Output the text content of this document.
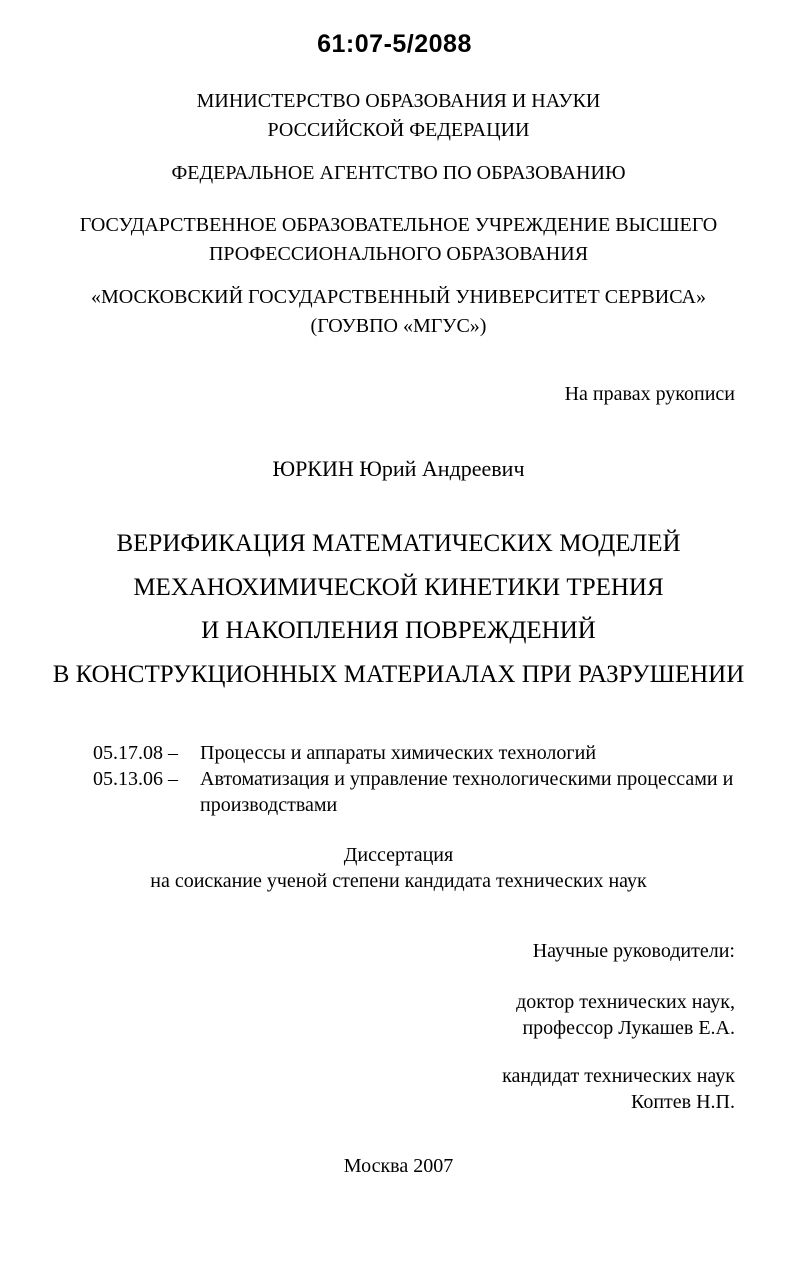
61:07-5/2088
МИНИСТЕРСТВО ОБРАЗОВАНИЯ И НАУКИ
РОССИЙСКОЙ ФЕДЕРАЦИИ
ФЕДЕРАЛЬНОЕ АГЕНТСТВО ПО ОБРАЗОВАНИЮ
ГОСУДАРСТВЕННОЕ ОБРАЗОВАТЕЛЬНОЕ УЧРЕЖДЕНИЕ ВЫСШЕГО
ПРОФЕССИОНАЛЬНОГО ОБРАЗОВАНИЯ
«МОСКОВСКИЙ ГОСУДАРСТВЕННЫЙ УНИВЕРСИТЕТ СЕРВИСА»
(ГОУВПО «МГУС»)
На правах рукописи
ЮРКИН Юрий Андреевич
ВЕРИФИКАЦИЯ МАТЕМАТИЧЕСКИХ МОДЕЛЕЙ
МЕХАНОХИМИЧЕСКОЙ КИНЕТИКИ ТРЕНИЯ
И НАКОПЛЕНИЯ ПОВРЕЖДЕНИЙ
В КОНСТРУКЦИОННЫХ МАТЕРИАЛАХ ПРИ РАЗРУШЕНИИ
05.17.08 – Процессы и аппараты химических технологий
05.13.06 – Автоматизация и управление технологическими процессами и производствами
Диссертация
на соискание ученой степени кандидата технических наук
Научные руководители:
доктор технических наук,
профессор Лукашев Е.А.
кандидат технических наук
Коптев Н.П.
Москва 2007
